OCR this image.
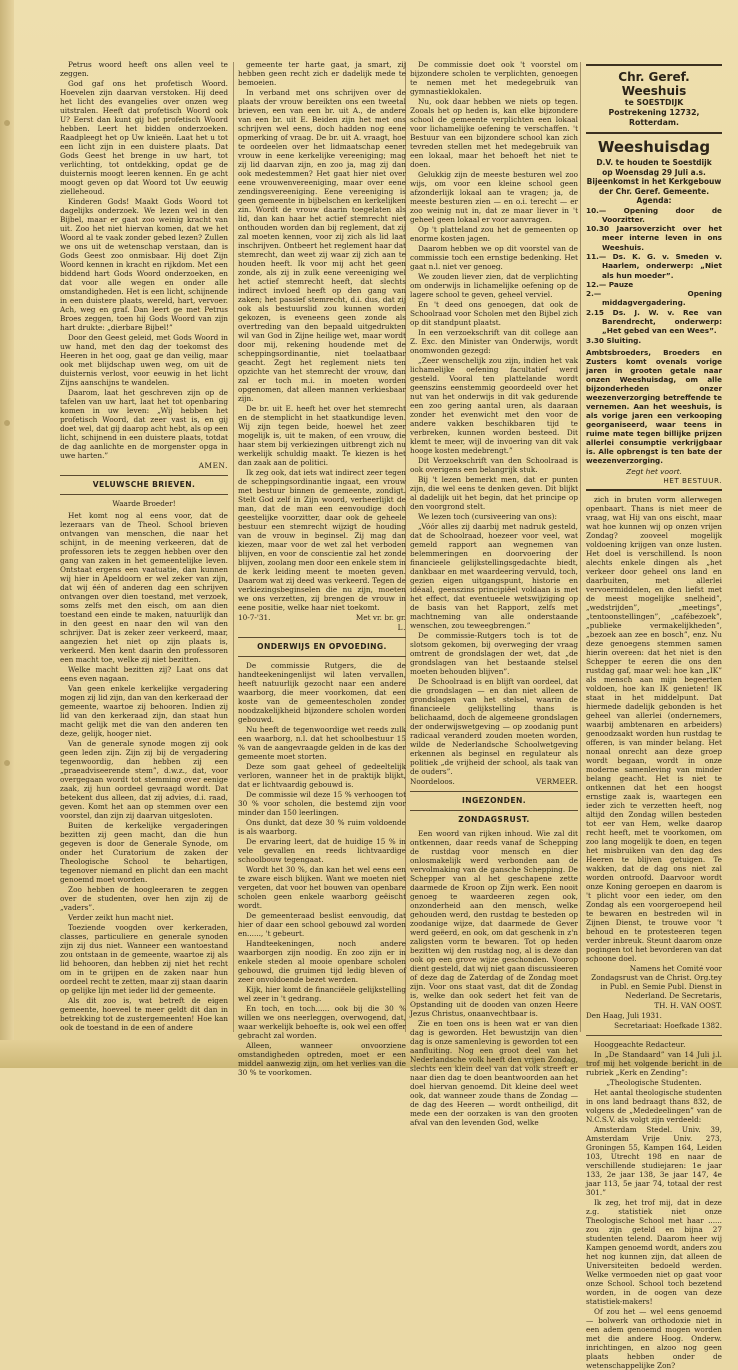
Petrus woord heeft ons allen veel te zeggen.

God gaf ons het profetisch Woord. Hoevelen zijn daarvan verstoken. Hij deed het licht des evangelies over onzen weg uitstralen. Heeft dat profetisch Woord ook U? Eerst dan kunt gij het profetisch Woord hebben. Leert het bidden onderzoeken. Raadpleegt het op Uw knieën. Laat het u tot een licht zijn in een duistere plaats. Dat Gods Geest het brenge in uw hart, tot verlichting, tot ontdekking, opdat ge de duisternis moogt leeren kennen. En ge acht moogt geven op dat Woord tot Uw eeuwig zielleheoud.

Kinderen Gods! Maakt Gods Woord tot dagelijks onderzoek. We lezen wel in den Bijbel, maar er gaat zoo weinig kracht van uit. Zoo het niet hiervan komen, dat we het Woord al te vaak zonder gebed lezen? Zullen we ons uit de wetenschap verstaan, dan is Gods Geest zoo onmisbaar. Hij doet Zijn Woord kennen in kracht en rijkdom. Met een biddend hart Gods Woord onderzoeken, en dat voor alle wegen en onder alle omstandigheden. Het is een licht, schijnende in een duistere plaats, wereld, hart, vervoer. Ach, weg en graf. Dan leert ge met Petrus Broes zeggen, toen hij Gods Woord van zijn hart drukte: „dierbare Bijbel!”

Door den Geest geleid, met Gods Woord in uw hand, met den dag der toekomst des Heeren in het oog, gaat ge dan veilig, maar ook met blijdschap uwen weg, om uit de duisternis verlost, voor eeuwig in het licht Zijns aanschijns te wandelen.

Daarom, laat het geschreven zijn op de tafelen van uw hart, laat het tot openbaring komen in uw leven: „Wij hebben het profetisch Woord, dat zeer vast is, en gij doet wel, dat gij daarop acht hebt, als op een licht, schijnend in een duistere plaats, totdat de dag aanlichte en de morgenster opga in uwe harten.”

AMEN.
VELUWSCHE BRIEVEN.
Waarde Broeder!

Het komt nog al eens voor, dat de lezeraars van de Theol. School brieven ontvangen van menschen, die naar het schijnt, in de meening verkeeren, dat de professoren iets te zeggen hebben over den gang van zaken in het gemeentelijke leven. Ontstaat ergens een vaatuatie, dan kunnen wij hier in Apeldoorn er wel zeker van zijn, dat wij één of anderen dag een schrijven ontvangen over dien toestand, met verzoek, soms zelfs met den eisch, om aan dien toestand een einde te maken, natuurlijk dan in den geest en naar den wil van den schrijver. Dat is zeker zeer verkeerd, maar, aangezien het niet op zijn plaats is, verkeerd. Men kent daarin den professoren een macht toe, welke zij niet bezitten.

Welke macht bezitten zij? Laat ons dat eens even nagaan.

Van geen enkele kerkelijke vergadering mogen zij lid zijn, dan van den kerkeraad der gemeente, waartoe zij behooren. Indien zij lid van den kerkeraad zijn, dan staat hun macht gelijk met die van den anderen ten deze, gelijk, hooger niet.

Van de generale synode mogen zij ook geen leden zijn. Zijn zij bij de vergadering tegenwoordig, dan hebben zij een „praeadviseerende stem”, d.w.z., dat, voor overgegaan wordt tot stemming over eenige zaak, zij hun oordeel gevraagd wordt. Dat betekent dus alleen, dat zij advies, d.i. raad, geven. Komt het aan op stemmen over een voorstel, dan zijn zij daarvan uitgesloten.

Buiten de kerkelijke vergaderingen bezitten zij geen macht, dan die hun gegeven is door de Generale Synode, om onder het Curatorium de zaken der Theologische School te behartigen, tegenover niemand en plicht dan een macht genoemd moet worden.

Zoo hebben de hoogleeraren te zeggen over de studenten, over hen zijn zij de „vaders”.

Verder zeikt hun macht niet.

Toeziende voogden over kerkeraden, classes, particuliere en generale synoden zijn zij dus niet. Wanneer een wantoestand zou ontstaan in de gemeente, waartoe zij als lid behooren, dan hebben zij niet het recht om in te grijpen en de zaken naar hun oordeel recht te zetten, maar zij staan daarin op gelijke lijn met ieder lid der gemeente.

Als dit zoo is, wat betreft de eigen gemeente, hoeveel te meer geldt dit dan in betrekking tot de zustergemeenten! Hoe kan ook de toestand in de een of andere

gemeente ter harte gaat, ja smart, zij hebben geen recht zich er dadelijk mede te bemoeien.

In verband met ons schrijven over de plaats der vrouw bereikten ons een tweetal brieven, een van een br. uit A., de andere van een br. uit E. Beiden zijn het met ons schrijven wel eens, doch hadden nog eene opmerking of vraag. De br. uit A. vraagt, hoe te oordeelen over het lidmaatschap eener vrouw in eene kerkelijke vereeniging; mag zij lid daarvan zijn, en zoo ja, mag zij dan ook medestemmen? Het gaat hier niet over eene vrouwenvereeniging, maar over eene zendingsvereeniging. Eene vereeniging is geen gemeente in bijbelschen en kerkelijken zin. Wordt de vrouw daarin toegelaten als lid, dan kan haar het actief stemrecht niet onthouden worden dan bij reglement, dat zij zal moeten kennen, voor zij zich als lid laat inschrijven. Ontbeert het reglement haar dat stemrecht, dan weet zij waar zij zich aan te houden heeft. Ik voor mij acht het geen zonde, als zij in zulk eene vereeniging wel het actief stemrecht heeft, dat slechts indirect invloed heeft op den gang van zaken; het passief stemrecht, d.i. dus, dat zij ook als bestuurslid zou kunnen worden gekozen, is eveneens geen zonde als overtreding van den bepaald uitgedrukten wil van God in Zijne heilige wet, maar wordt door mij, rekening houdende met de scheppingsordinantie, niet toelaatbaar geacht. Zegt het reglement niets ten opzichte van het stemrecht der vrouw, dan zal er toch m.i. in moeten worden opgenomen, dat alleen mannen verkiesbaar zijn.

De br. uit E. heeft het over het stemrecht en de stemplicht in het staatkundige leven. Wij zijn tegen beide, hoewel het zeer mogelijk is, uit te maken, of een vrouw, die haar stem bij verkiezingen uitbrengt zich nu werkelijk schuldig maakt. Te kiezen is het dan zaak aan de politici.

Ik zeg ook, dat iets wat indirect zeer tegen de scheppingsordinantie ingaat, een vrouw met bestuur binnen de gemeente, zondigt. Stelt God zelf in Zijn woord, verheerlijkt de man, dat de man een eenvoudige doch geestelijke voorzitter, daar ook de geheele bestuur een stemrecht wijzigt de houding van de vrouw in beginsel. Zij mag dan kiezen, maar voor de wet zal het verboden blijven, en voor de conscientie zal het zonde blijven, zoolang men door een enkele stem in de kerk leiding meent te moeten geven. Daarom wat zij deed was verkeerd. Tegen de verkiezingsbeginselen die nu zijn, moeten we ons verzetten, zij brengen de vrouw in eene positie, welke haar niet toekomt.

10-7-'31.	Met vr. br. gr.
L.
ONDERWIJS EN OPVOEDING.

De commissie Rutgers, die de handteekeningenlijst wil laten vervallen, heeft natuurlijk gezocht naar een andere waarborg, die meer voorkomen, dat een koste van de gemeentescholen zonder noodzakelijkheid bijzondere scholen worden gebouwd.

Nu heeft de tegenwoordige wet reeds zulk een waarborg, n.l. dat het schoolbestuur 15 % van de aangevraagde gelden in de kas der gemeente moet storten.

Deze som gaat geheel of gedeeltelijk verloren, wanneer het in de praktijk blijkt, dat er lichtvaardig gebouwd is.

De commissie wil deze 15 % verhoogen tot 30 % voor scholen, die bestemd zijn voor minder dan 150 leerlingen.

Ons dunkt, dat deze 30 % ruim voldoende is als waarborg.

De ervaring leert, dat de huidige 15 % in vele gevallen en reeds lichtvaardige schoolbouw tegengaat.

Wordt het 30 %, dan kan het wel eens een te zware eisch blijken. Want we moeten niet vergeten, dat voor het bouwen van openbare scholen geen enkele waarborg geëischt wordt.

De gemeenteraad beslist eenvoudig, dat hier of daar een school gebouwd zal worden en......, 't gebeurt.

Handteekeningen, noch andere waarborgen zijn noodig. En zoo zijn er in enkele steden al mooie openbare scholen gebouwd, die gruimen tijd ledig bleven of zeer onvoldoende bezet werden.

Kijk, hier komt de financiëele gelijkstelling wel zeer in 't gedrang.

En toch, en toch...... ook bij die 30 % willen we ons neerleggen, overwogend, dat, waar werkelijk behoefte is, ook wel een offer gebracht zal worden.

Alleen, wanneer onvoorziene omstandigheden optreden, moet er een middel aanwezig zijn, om het verlies van die 30 % te voorkomen.

De commissie doet ook 't voorstel om bijzondere scholen te verplichten, genoegen te nemen met het medegebruik van gymnastieklokalen.

Nu, ook daar hebben we niets op tegen. Zooals het op heden is, kan elke bijzondere school de gemeente verplichten een lokaal voor lichamelijke oefening te verschaffen. 't Bestuur van een bijzondere school kan zich tevreden stellen met het medegebruik van een lokaal, maar het behoeft het niet te doen.

Gelukkig zijn de meeste besturen wel zoo wijs, om voor een kleine school geen afzonderlijk lokaal aan te vragen; ja, de meeste besturen zien — en o.i. terecht — er zoo weinig nut in, dat ze maar liever in 't geheel geen lokaal er voor aanvragen.

Op 't platteland zou het de gemeenten op enorme kosten jagen.

Daarom hebben we op dit voorstel van de commissie toch een ernstige bedenking. Het gaat n.l. niet ver genoeg.

We zouden liever zien, dat de verplichting om onderwijs in lichamelijke oefening op de lagere school te geven, geheel verviel.

En 't deed ons genoegen, dat ook de Schoolraad voor Scholen met den Bijbel zich op dit standpunt plaatst.

In een verzoekschrift van dit college aan Z. Exc. den Minister van Onderwijs, wordt onomwonden gezegd:

„Zeer wenschelijk zou zijn, indien het vak lichamelijke oefening facultatief werd gesteld. Vooral ten plattelande wordt geenszins eenstemmig geoordeeld over het nut van het onderwijs in dit vak gedurende een zoo gering aantal uren, als daaraan zonder het evenwicht met den voor de andere vakken beschikbaren tijd te verbreken, kunnen worden besteed. Dit klemt te meer, wijl de invoering van dit vak hooge kosten medebrengt.”

Dit Verzoekschrift van den Schoolraad is ook overigens een belangrijk stuk.

Bij 't lezen bemerkt men, dat er punten zijn, die wel eens te denken geven. Dit blijkt al dadelijk uit het begin, dat het principe op den voorgrond stelt.

We lezen toch (cursiveering van ons):

„Vóór alles zij daarbij met nadruk gesteld, dat de Schoolraad, hoezeer voor veel, wat gemeld rapport aan wegnemen van belemmeringen en doorvoering der financieele gelijkstellingsgedachte biedt, dankbaar en met waardeering vervuld, toch, gezien eigen uitgangspunt, historie en idéaal, geenszins principiëel voldaan is met het effect, dat eventueele wetswijziging op de basis van het Rapport, zelfs met machtneming van alle onderstaande wenschen, zou teweegbrengen.”

De commissie-Rutgers toch is tot de slotsom gekomen, bij overweging der vraag omtrent de grondslagen der wet, dat „de grondslagen van het bestaande stelsel moeten behouden blijven”.

De Schoolraad is en blijft van oordeel, dat die grondslagen — en dan niet alleen de grondslagen van het stelsel, waarin de financieele gelijkstelling thans is belichaamd, doch de algemeene grondslagen der onderwijswetgeving — op zoodanig punt radicaal veranderd zouden moeten worden, wilde de Nederlandsche Schoolwetgeving erkennen als beginsel en regulateur als politiek „de vrijheid der school, als taak van de ouders”.

Noordeloos.	VERMEER.
INGEZONDEN.
ZONDAGSRUST.

Een woord van rijken inhoud. Wie zal dit ontkennen, daar reeds vanaf de Schepping de rustdag voor mensch en dier onlosmakelijk werd verbonden aan de vervolmaking van de gansche Schepping. De Schepper van al het geschapene zette daarmede de Kroon op Zijn werk. Een nooit genoeg te waardeeren zegen ook, onzonderheid aan den mensch, welke gehouden werd, den rustdag te besteden op zoodanige wijze, dat daarmede de Gever werd geëerd, en ook, om dat geschenk in z'n zaligsten vorm te bewaren. Tot op heden bezitten wij den rustdag nog, al is deze dan ook op een grove wijze geschonden. Voorop dient gesteld, dat wij niet gaan discussieeren of deze dag de Zaterdag of de Zondag moet zijn. Voor ons staat vast, dat dit de Zondag is, welke dan ook sedert het feit van de Opstanding uit de dooden van onzen Heere Jezus Christus, onaanvechtbaar is.

Zie en toen ons is heen wat er van dien dag is geworden. Het bewustzijn van dien dag is onze samenleving is geworden tot een aanfluiting. Nog een groot deel van het Nederlandsche volk heeft den vrijen Zondag, slechts een klein deel van dat volk streeft er naar dien dag te doen beantwoorden aan het doel hiervan genoemd. Dit kleine deel weet ook, dat wanneer zoude thans de Zondag — de dag des Heeren — wordt ontheiligd, dit mede een der oorzaken is van den grooten afval van den levenden God, welke

Chr. Geref. Weeshuis
te SOESTDIJK
Postrekening 12732, Rotterdam.
Weeshuisdag
D.V. te houden te Soestdijk
op Woensdag 29 Juli a.s.
Bijeenkomst in het Kerkgebouw der Chr. Geref. Gemeente.
Agenda:
10.— Opening door de Voorzitter.
10.30 Jaarsoverzicht over het meer interne leven in ons Weeshuis.
11.— Ds. K. G. v. Smeden v. Haarlem, onderwerp: „Niet als hun moeder”.
12.— Pauze
2.— Opening middagvergadering.
2.15 Ds. J. W. v. Ree van Barendrecht, onderwerp: „Het gebed van een Wees”.
3.30 Sluiting.
Ambtsbroeders, Broeders en Zusters komt ovenals vorige jaren in grooten getale naar onzen Weeshuisdag, om alle bijzonderheden onzer weezenverzorging betreffende te vernemen. Aan het weeshuis, is als vorige jaren een verkooping georganiseerd, waar teens in ruime mate tegen billijke prijzen allerlei consumptie verkrijgbaar is. Alle opbrengst is ten bate der weezenverzorging.
Zegt het voort.
HET BESTUUR.

zich in bruten vorm allerwegen openbaart. Thans is niet meer de vraag, wat Hij van ons eischt, maar wat hoe kunnen wij op onzen vrijen Zondag? zooveel mogelijk voldoening krijgen van onze lusten. Het doel is verschillend. Is noon alechts enkele dingen als „het verkeer door geheel ons land en daarbuiten, met allerlei vervoermiddelen, en den liefst met de meest mogelijke snelheid”, „wedstrijden”, „meetings”, „tentoonstellingen”, „cafébezoek”, „publieke vermakelijkheden”, „bezoek aan zee en bosch”, enz. Nu deze genoegens stemmen samen hierin overeen: dat het niet is den Schepper te eeren die ons den rustdag gaf, maar wel: hoe kan „IK” als mensch aan mijn begeerten voldoen, hoe kan IK genieten! IK staat in het middelpunt. Dat hiermede dadelijk gebonden is het geheel van allerlei (ondernemers, waarbij ambtenaren en arbeiders) genoodzaakt worden hun rustdag te offeren, is van minder belang. Het nonaal onrecht aan deze groep wordt begaan, wordt in onze moderne samenleving van minder belang geacht. Het is niet te ontkennen dat het een hoogst ernstige zaak is, waartegen een ieder zich te verzetten heeft, nog altijd den Zondag willen besteden tot eer van Hem, welke daarop recht heeft, met te voorkomen, om zoo lang mogelijk te doen, en tegen het misbruiken van den dag des Heeren te blijven getuigen. Te wakken, dat de dag ons niet zal worden ontroofd. Daarvoor wordt onze Koning geroepen en daarom is 't plicht voor een ieder, om den Zondag als een voorgeroepend heil te bewaren en bestreden wil in Zijnen Dienst, te trouwe voor 't behoud en te protesteeren tegen verder inbreuk. Steunt daarom onze pogingen tot het bevorderen van dat schoone doel.

Namens het Comité voor Zondagsrust van de Christ. Org.tey in Publ. en Semie Publ. Dienst in Nederland. De Secretaris,

TH. H. VAN OOST.
Den Haag, Juli 1931.
Secretariaat: Hoefkade 1382.

Hooggeachte Redacteur.

In „De Standaard” van 14 Juli j.l. trof mij het volgende bericht in de rubriek „Kerk en Zending”:

„Theologische Studenten.

Het aantal theologische studenten in ons land bedraagt thans 832, de volgens de „Mededeelingen” van de N.C.S.V. als volgt zijn verdeeld:

Amsterdam Stedel. Univ. 39, Amsterdam Vrije Univ. 273, Groningen 55, Kampen 164, Leiden 103, Utrecht 198 en naar de verschillende studiejaren: 1e jaar 133, 2e jaar 138, 3e jaar 147, 4e jaar 113, 5e jaar 74, totaal der rest 301.”

Ik zeg, het trof mij, dat in deze z.g. statistiek niet onze Theologische School met haar ...... zou zijn geteld en bijna 27 studenten telend. Daarom heer wij Kampen genoemd wordt, anders zou het nog kunnen zijn, dat alleen de Universiteiten bedoeld werden. Welke vermoeden niet op gaat voor onze School. School toch bezetend worden, in de oogen van deze statistiek-makers!

Of zou het — wel eens genoemd — bolwerk van orthodoxie niet in een adem genoemd mogen worden met die andere Hoog. Onderw. inrichtingen, en alzoo nog geen plaats hebben onder de wetenschappelijke Zon?
